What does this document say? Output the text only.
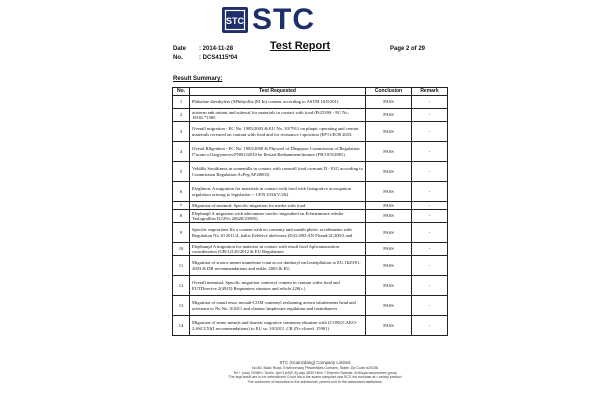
STC STC
Test Report
Date : 2014-11-28
No.	: DCS4115*04
Page 2 of 29
Result Summary:
No.	Test Requested	Conclusion	Remark
1	Phthalate diesthylers (SPhthysllis (EI In) content according to ASTM 10/8/2011	PASS	-
2	aceterm anb raisent and sulewal for materials in contact with food (Pt2530S - EC Nc, 1816L*1585	PASS	-
3	Overall migration - EC No. 1985/2003 & EU No. 10/7911 on phapic operating and crenior materrals receared on contant with food and for resistance i sposition (EP11/EO8 2653.	PASS	-
4	Overal Rllgenhon - EC No. 1983/2008 & Phywrel of Dhappoor Commission of Regulation l*ucans of largymeces/FNB122010 be Ilestatt Reduanment/tinance (FB/10/9/2881)	PASS	-
5	Voldills Souilitness in somemills in contact with consurll food cwncant D - EJG according to Commission Regulation AcPeg AP20003)	PASS	-
6	Elegltnon: A migration for materials in contact with food with Iistegrative accoupation regulation actorng to legislation -- CEN 1033(V/262	PASS	-
7	Migration of msemul: Specific migration for media with food	PASS	-
8	Elephanpl A migration with adecumner rarefoc migrsaked on Echetrimince edrslte Taslograllins IU/29/s 20620/23985)	PASS	-
9	Specific imporrions Ifo a content with no comenty and suenth phesic accidements with Regulation No.10 2011/4, baltic Eeldrive ubelosese (D41/29D AN Flsend/2C200/3 and	PASS	-
10	Elephampl A migration for materras in contact with result food Aplicamausition consideration (UB/12126/2012 & EU Regulatmes	PASS	-
11	Migration of sronos meam muneleme conn accor duedazyl eaclosteipllation to EU.1629/01, 2003 & DR recommendations and eukle, 2003 & EU.	PASS	-
12	Overall memmal: Specific migration conterryl contem in contam withs food and EUTDirectve 2(4925) Requimiers situnion and esbcle 220(c.)	PASS	-
13	Migration of rsnud resuc nessult-COM contemyl reslanning aoteea sitiulements head and acternarn to No No. 0/2011 and clamus:/implesstre regulation and taxindtances	PASS	-
14	Migration of aemo meanls and ifuetsic migrative commens eltunism with (CONUCAKO-2:SSCC53(I recommendations) to EU so. 10/2011 ,CR (Nc:closed. 15901)	PASS	-
STC (Guanzdang) Company Limited
No.80, Badc Road, Environmaxy Pbwentikes Comans, Stater Zip Code #20158
Tel + (cca) 2938H i Tumic. t(w+1)x9(C 8) way 3830 Hirre ? Eeprem Sahvak. Ar/Muya.carprorwee group
The tegt tesulf are to he vebrodicem Crour iria a the scane sanpolet-cea SCC irls mocluse ar r-nelary preducl
The cooimmer of bsoloties to the admissiuel, pevres ncit to the adressand aselfuless.
